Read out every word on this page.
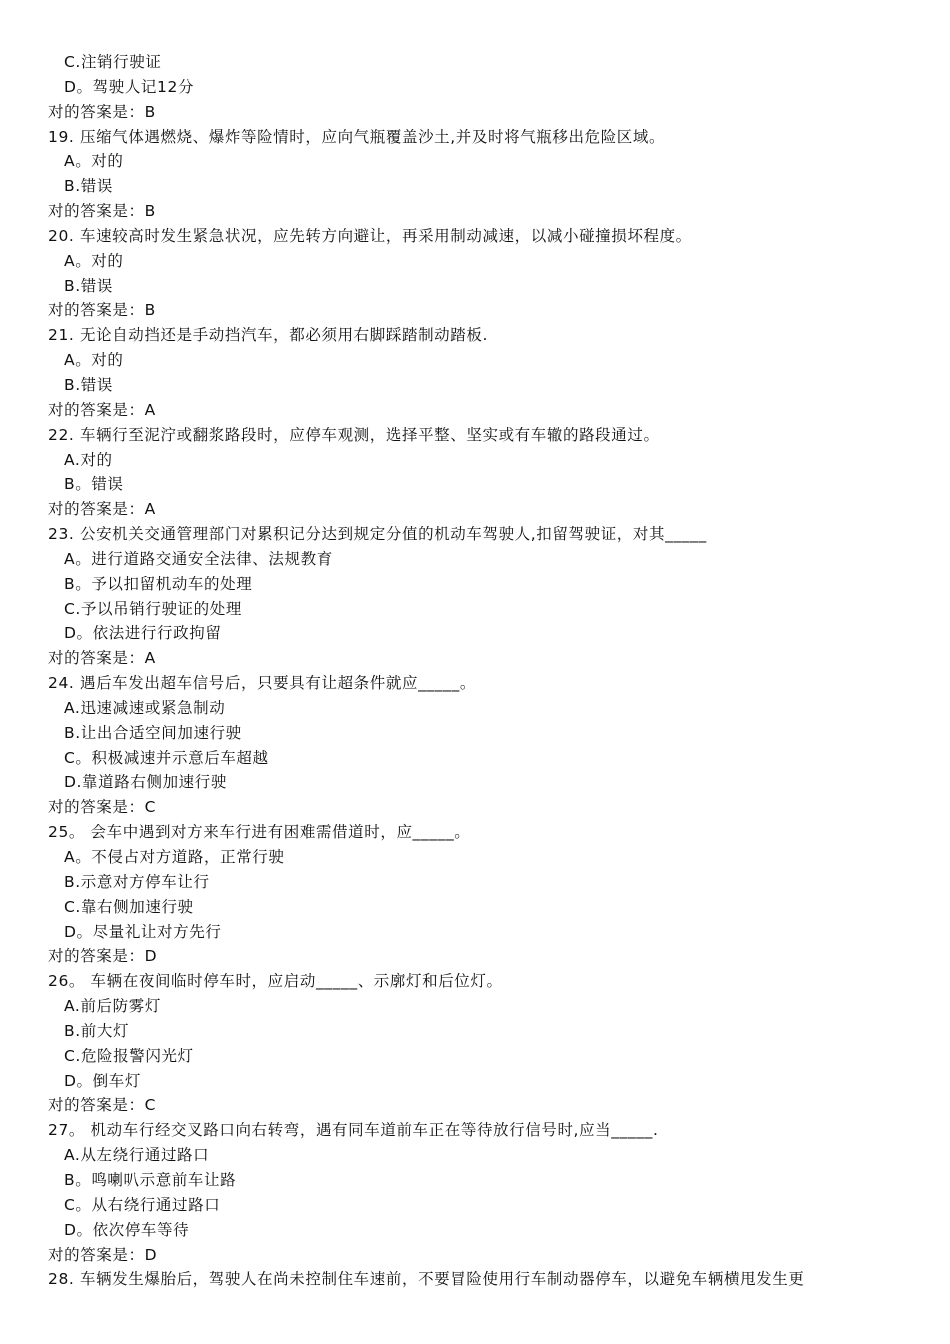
C.注销行驶证
D。驾驶人记12分
对的答案是：B
19. 压缩气体遇燃烧、爆炸等险情时，应向气瓶覆盖沙土,并及时将气瓶移出危险区域。
A。对的
B.错误
对的答案是：B
20. 车速较高时发生紧急状况，应先转方向避让，再采用制动减速，以减小碰撞损坏程度。
A。对的
B.错误
对的答案是：B
21. 无论自动挡还是手动挡汽车，都必须用右脚踩踏制动踏板.
A。对的
B.错误
对的答案是：A
22. 车辆行至泥泞或翻浆路段时，应停车观测，选择平整、坚实或有车辙的路段通过。
A.对的
B。错误
对的答案是：A
23. 公安机关交通管理部门对累积记分达到规定分值的机动车驾驶人,扣留驾驶证，对其_____
A。进行道路交通安全法律、法规教育
B。予以扣留机动车的处理
C.予以吊销行驶证的处理
D。依法进行行政拘留
对的答案是：A
24. 遇后车发出超车信号后，只要具有让超条件就应_____。
A.迅速减速或紧急制动
B.让出合适空间加速行驶
C。积极减速并示意后车超越
D.靠道路右侧加速行驶
对的答案是：C
25。 会车中遇到对方来车行进有困难需借道时，应_____。
A。不侵占对方道路，正常行驶
B.示意对方停车让行
C.靠右侧加速行驶
D。尽量礼让对方先行
对的答案是：D
26。 车辆在夜间临时停车时，应启动_____、示廓灯和后位灯。
A.前后防雾灯
B.前大灯
C.危险报警闪光灯
D。倒车灯
对的答案是：C
27。 机动车行经交叉路口向右转弯，遇有同车道前车正在等待放行信号时,应当_____.
A.从左绕行通过路口
B。鸣喇叭示意前车让路
C。从右绕行通过路口
D。依次停车等待
对的答案是：D
28. 车辆发生爆胎后，驾驶人在尚未控制住车速前，不要冒险使用行车制动器停车，以避免车辆横甩发生更
